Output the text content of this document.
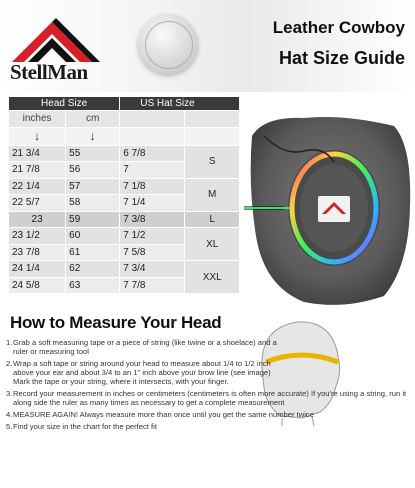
StellMan
Leather Cowboy
Hat Size Guide
Head Size		US Hat Size	
inches	cm		
↓	↓		
21 3/4	55	6 7/8	S
21 7/8	56	7	
22 1/4	57	7 1/8	M
22 5/7	58	7 1/4	
23	59	7 3/8	L
23 1/2	60	7 1/2	XL
23 7/8	61	7 5/8	
24 1/4	62	7 3/4	XXL
24 5/8	63	7 7/8	
How to Measure Your Head
1. Grab a soft measuring tape or a piece of string (like twine or a shoelace) and a ruler or measuring tool
2. Wrap a soft tape or string around your head to measure about 1/4 to 1/2 inch above your ear and about 3/4 to an 1" inch above your brow line (see image) Mark the tape or your string, where it intersects, with your finger.
3. Record your measurement in inches or centimeters (centimeters is often more accurate) If you're using a string, run it along side the ruler as many times as necessary to get a complete measurement
4. MEASURE AGAIN! Always measure more than once until you get the same number twice
5. Find your size in the chart for the perfect fit
